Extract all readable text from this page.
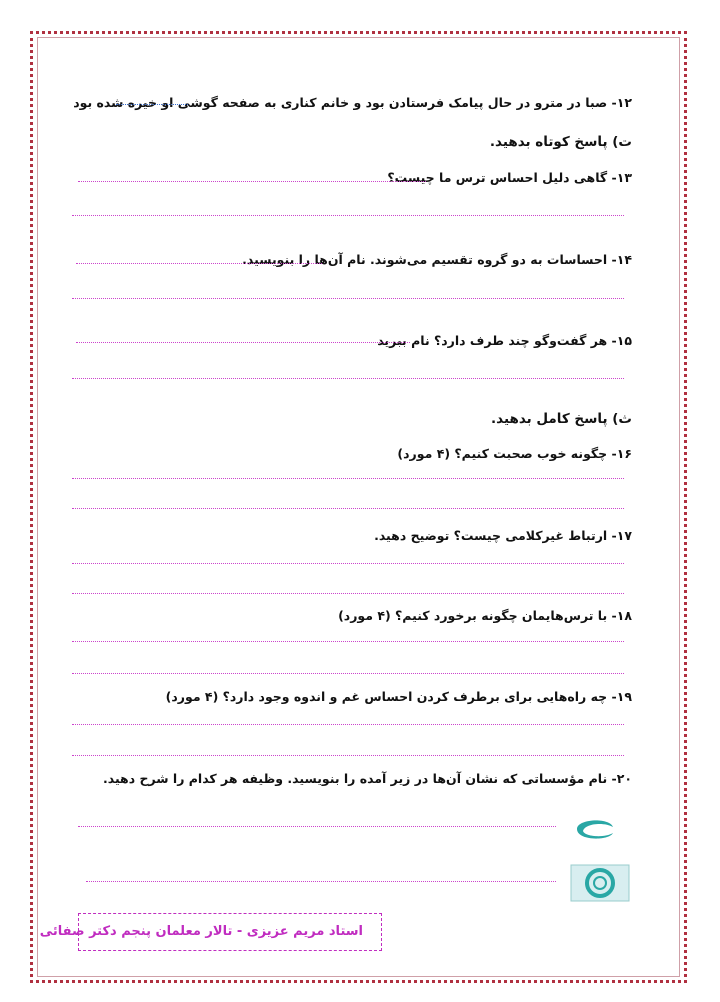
۱۲- صبا در مترو در حال پیامک فرستادن بود و خانم کناری به صفحه گوشی او خیره شده بود
ت) پاسخ کوتاه بدهید.
۱۳- گاهی دلیل احساس ترس ما چیست؟
۱۴- احساسات به دو گروه تقسیم می‌شوند. نام آن‌ها را بنویسید.
۱۵- هر گفت‌وگو چند طرف دارد؟ نام ببرید
ث) پاسخ کامل بدهید.
۱۶- چگونه خوب صحبت کنیم؟ (۴ مورد)
۱۷- ارتباط غیرکلامی چیست؟ توضیح دهید.
۱۸- با ترس‌هایمان چگونه برخورد کنیم؟ (۴ مورد)
۱۹- چه راه‌هایی برای برطرف کردن احساس غم و اندوه وجود دارد؟ (۴ مورد)
۲۰- نام مؤسساتی که نشان آن‌ها در زیر آمده را بنویسید. وظیفه هر کدام را شرح دهید.
استاد مریم عزیزی - تالار معلمان پنجم دکتر صفائی
